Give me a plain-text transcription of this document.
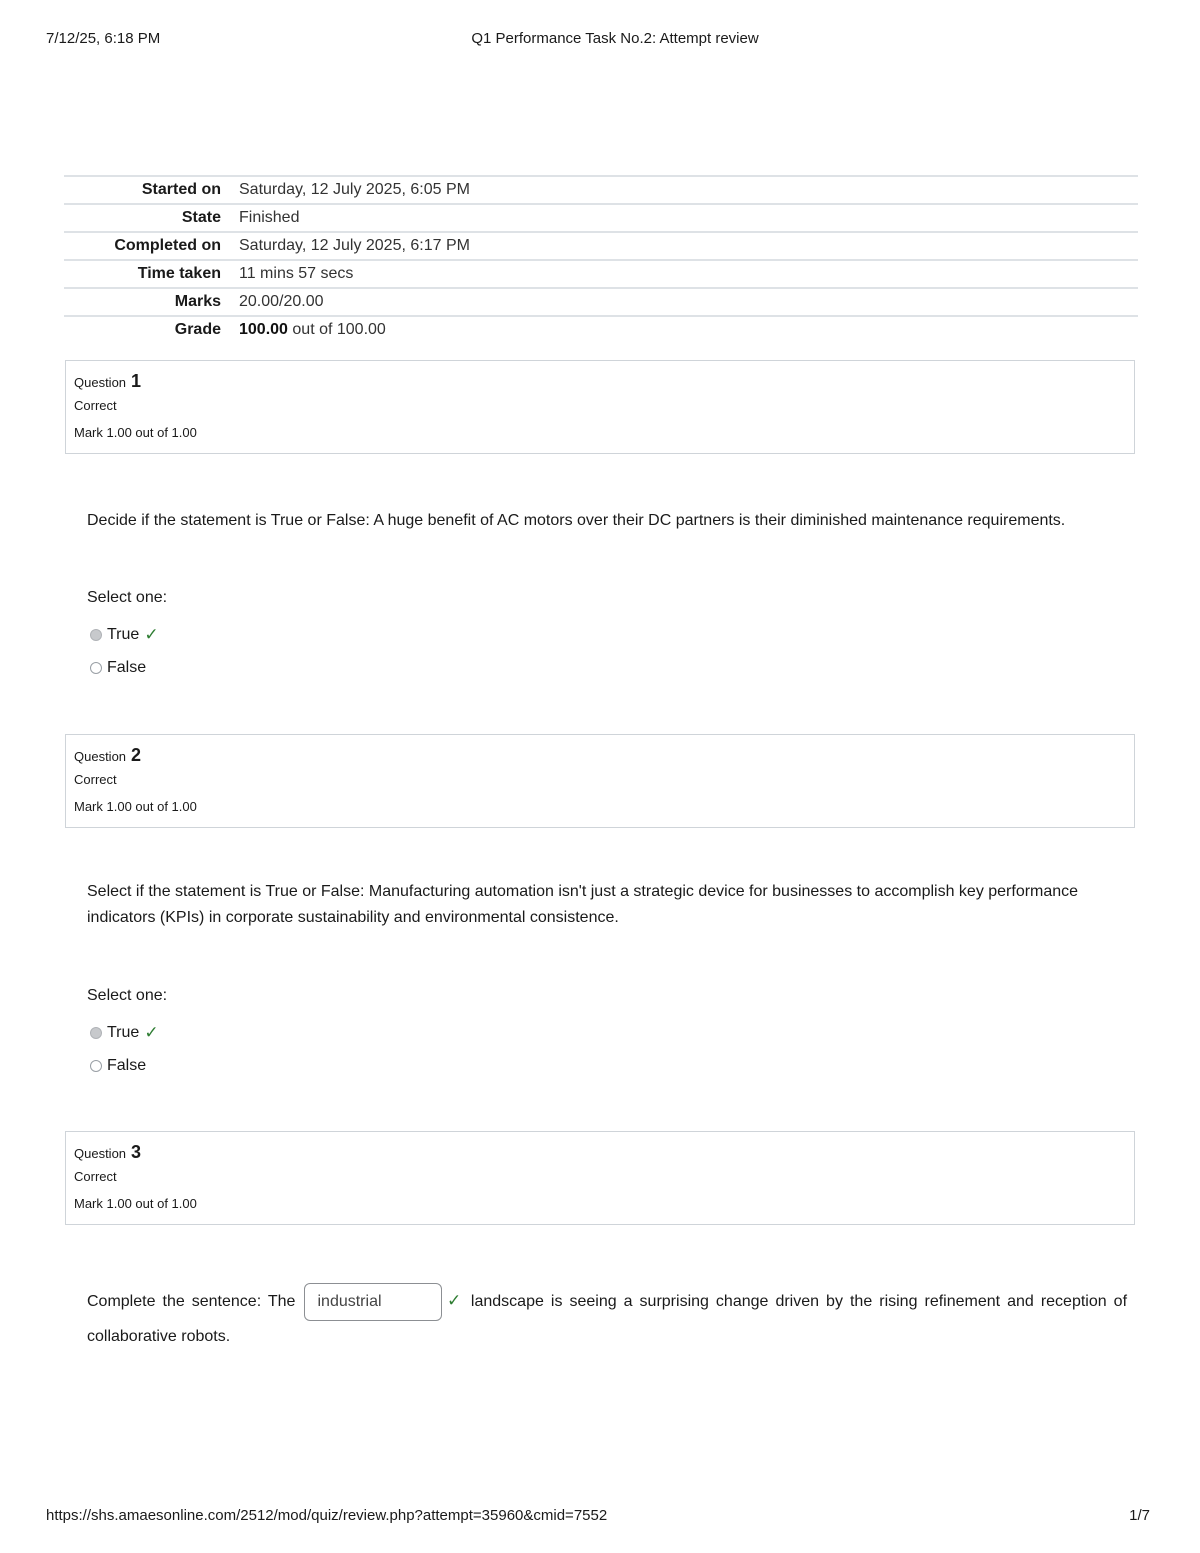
7/12/25, 6:18 PM	Q1 Performance Task No.2: Attempt review
Started on	Saturday, 12 July 2025, 6:05 PM
State	Finished
Completed on	Saturday, 12 July 2025, 6:17 PM
Time taken	11 mins 57 secs
Marks	20.00/20.00
Grade	100.00 out of 100.00
Question 1
Correct
Mark 1.00 out of 1.00
Decide if the statement is True or False: A huge benefit of AC motors over their DC partners is their diminished maintenance requirements.
Select one:
True ✓
False
Question 2
Correct
Mark 1.00 out of 1.00
Select if the statement is True or False: Manufacturing automation isn't just a strategic device for businesses to accomplish key performance indicators (KPIs) in corporate sustainability and environmental consistence.
Select one:
True ✓
False
Question 3
Correct
Mark 1.00 out of 1.00
Complete the sentence: The industrial	✓ landscape is seeing a surprising change driven by the rising refinement and reception of collaborative robots.
https://shs.amaesonline.com/2512/mod/quiz/review.php?attempt=35960&cmid=7552	1/7
